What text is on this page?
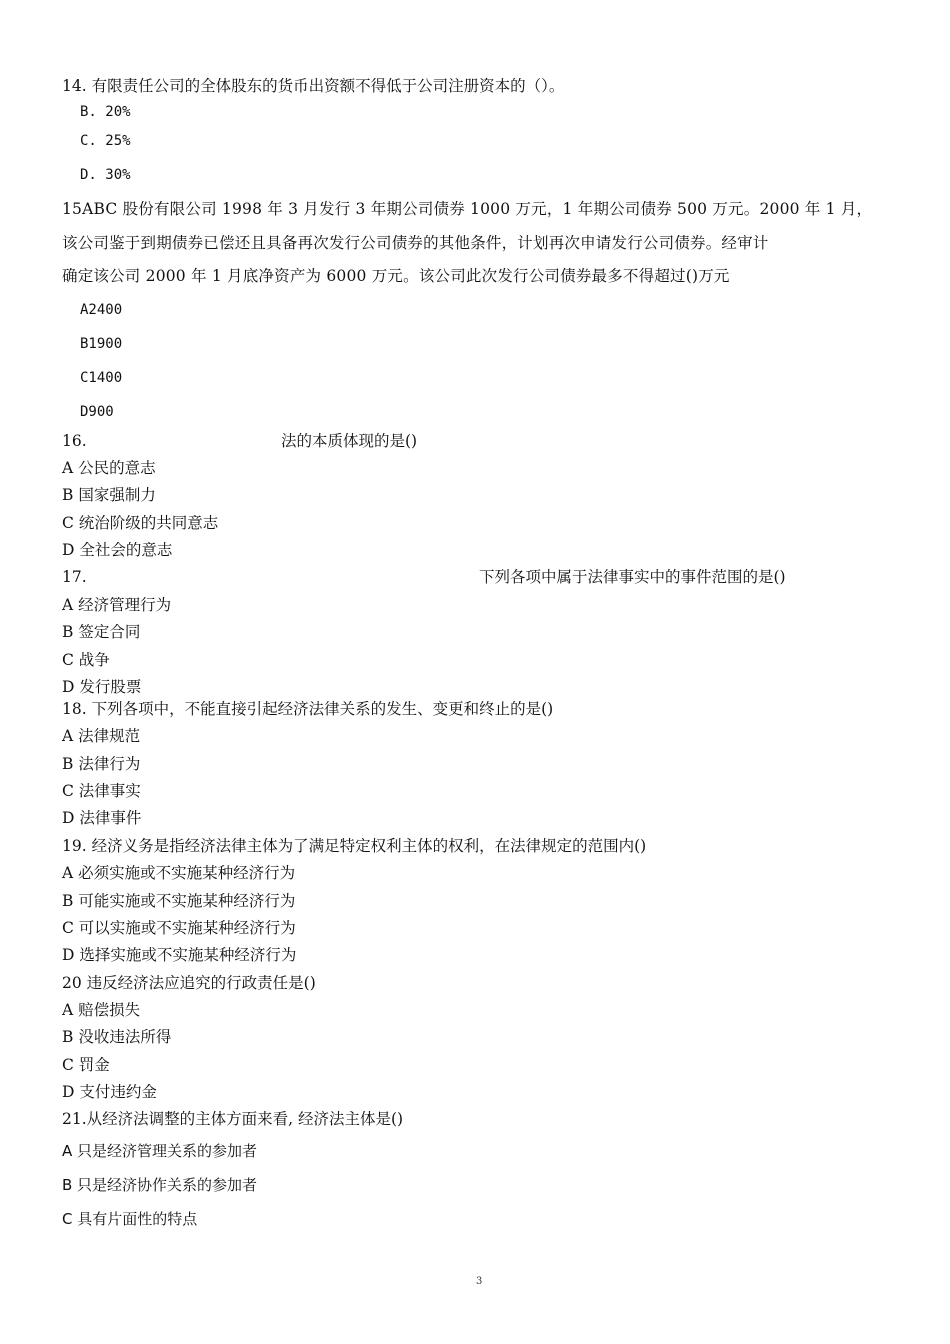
14. 有限责任公司的全体股东的货币出资额不得低于公司注册资本的（）。
B. 20%
C. 25%
D. 30%
15ABC 股份有限公司 1998 年 3 月发行 3 年期公司债券 1000 万元，1 年期公司债券 500 万元。2000 年 1 月，
该公司鉴于到期债券已偿还且具备再次发行公司债券的其他条件，计划再次申请发行公司债券。经审计
确定该公司 2000 年 1 月底净资产为 6000 万元。该公司此次发行公司债券最多不得超过()万元
A2400
B1900
C1400
D900
16.	法的本质体现的是()
A 公民的意志
B 国家强制力
C 统治阶级的共同意志
D 全社会的意志
17.	下列各项中属于法律事实中的事件范围的是()
A 经济管理行为
B 签定合同
C 战争
D 发行股票
18. 下列各项中，不能直接引起经济法律关系的发生、变更和终止的是()
A 法律规范
B 法律行为
C 法律事实
D 法律事件
19. 经济义务是指经济法律主体为了满足特定权利主体的权利，在法律规定的范围内()
A 必须实施或不实施某种经济行为
B 可能实施或不实施某种经济行为
C 可以实施或不实施某种经济行为
D 选择实施或不实施某种经济行为
20 违反经济法应追究的行政责任是()
A 赔偿损失
B 没收违法所得
C 罚金
D 支付违约金
21.从经济法调整的主体方面来看, 经济法主体是()
A 只是经济管理关系的参加者
B 只是经济协作关系的参加者
C 具有片面性的特点
3
